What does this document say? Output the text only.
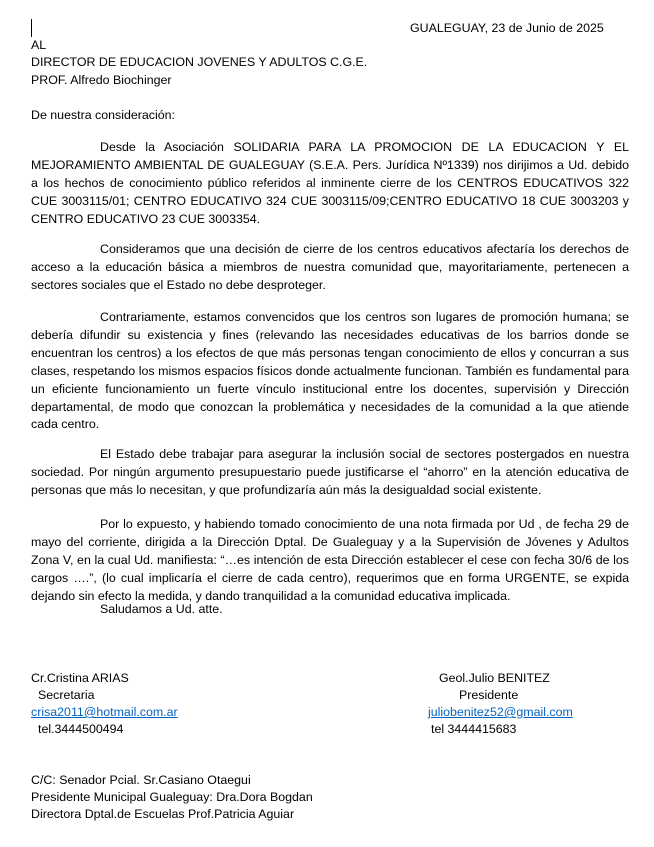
GUALEGUAY, 23 de Junio de 2025
AL
DIRECTOR DE EDUCACION JOVENES Y ADULTOS C.G.E.
PROF. Alfredo Biochinger
De nuestra consideración:
Desde la Asociación SOLIDARIA PARA LA PROMOCION DE LA EDUCACION Y EL MEJORAMIENTO AMBIENTAL DE GUALEGUAY (S.E.A. Pers. Jurídica Nº1339) nos dirijimos a Ud. debido a los hechos de conocimiento público referidos al inminente cierre de los CENTROS EDUCATIVOS 322 CUE 3003115/01; CENTRO EDUCATIVO 324 CUE 3003115/09;CENTRO EDUCATIVO 18 CUE 3003203 y CENTRO EDUCATIVO 23 CUE 3003354.
Consideramos que una decisión de cierre de los centros educativos afectaría los derechos de acceso a la educación básica a miembros de nuestra comunidad que, mayoritariamente, pertenecen a sectores sociales que el Estado no debe desproteger.
Contrariamente, estamos convencidos que los centros son lugares de promoción humana; se debería difundir su existencia y fines (relevando las necesidades educativas de los barrios donde se encuentran los centros) a los efectos de que más personas tengan conocimiento de ellos y concurran a sus clases, respetando los mismos espacios físicos donde actualmente funcionan. También es fundamental para un eficiente funcionamiento un fuerte vínculo institucional entre los docentes, supervisión y Dirección departamental, de modo que conozcan la problemática y necesidades de la comunidad a la que atiende cada centro.
El Estado debe trabajar para asegurar la inclusión social de sectores postergados en nuestra sociedad. Por ningún argumento presupuestario puede justificarse el “ahorro” en la atención educativa de personas que más lo necesitan, y que profundizaría aún más la desigualdad social existente.
Por lo expuesto, y habiendo tomado conocimiento de una nota firmada por Ud , de fecha 29 de mayo del corriente, dirigida a la Dirección Dptal. De Gualeguay y a la Supervisión de Jóvenes y Adultos Zona V, en la cual Ud. manifiesta: “…es intención de esta Dirección establecer el cese con fecha 30/6 de los cargos ….”, (lo cual implicaría el cierre de cada centro), requerimos que en forma URGENTE, se expida dejando sin efecto la medida, y dando tranquilidad a la comunidad educativa implicada.
Saludamos a Ud. atte.
Cr.Cristina ARIAS
Secretaria
crisa2011@hotmail.com.ar
tel.3444500494
Geol.Julio BENITEZ
Presidente
juliobenitez52@gmail.com
tel 3444415683
C/C: Senador Pcial. Sr.Casiano Otaegui
Presidente Municipal Gualeguay: Dra.Dora Bogdan
Directora Dptal.de Escuelas Prof.Patricia Aguiar
